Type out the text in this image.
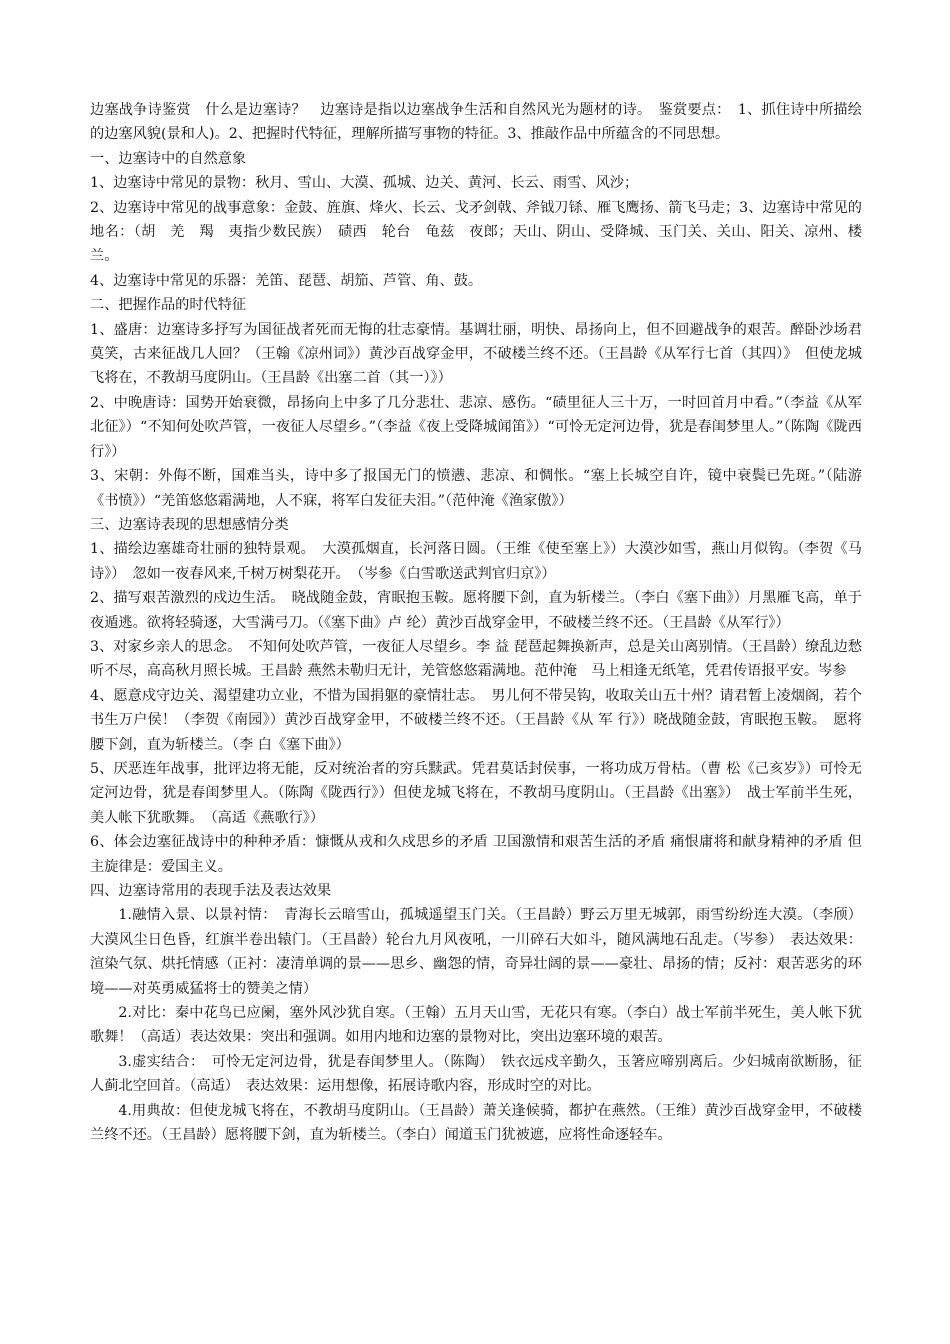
边塞战争诗鉴赏　什么是边塞诗？　边塞诗是指以边塞战争生活和自然风光为题材的诗。　鉴赏要点：　1、抓住诗中所描绘的边塞风貌(景和人)。2、把握时代特征，理解所描写事物的特征。3、推敲作品中所蕴含的不同思想。

一、边塞诗中的自然意象

1、边塞诗中常见的景物：秋月、雪山、大漠、孤城、边关、黄河、长云、雨雪、风沙；

2、边塞诗中常见的战事意象：金鼓、旌旗、烽火、长云、戈矛剑戟、斧钺刀铩、雁飞鹰扬、箭飞马走；3、边塞诗中常见的地名：（胡　羌　羯　夷指少数民族）　碛西　轮台　龟兹　夜郎；天山、阴山、受降城、玉门关、关山、阳关、凉州、楼兰。

4、边塞诗中常见的乐器：羌笛、琵琶、胡笳、芦管、角、鼓。

二、把握作品的时代特征

1、盛唐：边塞诗多抒写为国征战者死而无悔的壮志豪情。基调壮丽，明快、昂扬向上，但不回避战争的艰苦。醉卧沙场君莫笑，古来征战几人回？（王翰《凉州词》）黄沙百战穿金甲，不破楼兰终不还。（王昌龄《从军行七首（其四）》　但使龙城飞将在，不教胡马度阴山。（王昌龄《出塞二首（其一）》）

2、中晚唐诗：国势开始衰微，昂扬向上中多了几分悲壮、悲凉、感伤。“碛里征人三十万，一时回首月中看。”（李益《从军北征》）“不知何处吹芦管，一夜征人尽望乡。”（李益《夜上受降城闻笛》）“可怜无定河边骨，犹是春闺梦里人。”（陈陶《陇西行》）

3、宋朝：外侮不断，国难当头，诗中多了报国无门的愤懑、悲凉、和惆怅。“塞上长城空自许，镜中衰鬓已先斑。”（陆游《书愤》）“羌笛悠悠霜满地，人不寐，将军白发征夫泪。”（范仲淹《渔家傲》）

三、边塞诗表现的思想感情分类

1、描绘边塞雄奇壮丽的独特景观。　大漠孤烟直，长河落日圆。（王维《使至塞上》）大漠沙如雪，燕山月似钩。（李贺《马诗》）　忽如一夜春风来,千树万树梨花开。　（岑参《白雪歌送武判官归京》）

2、描写艰苦激烈的戍边生活。　晓战随金鼓，宵眠抱玉鞍。愿将腰下剑，直为斩楼兰。（李白《塞下曲》）月黑雁飞高，单于夜遁逃。欲将轻骑逐，大雪满弓刀。（《塞下曲》卢 纶）黄沙百战穿金甲，不破楼兰终不还。（王昌龄《从军行》）

3、对家乡亲人的思念。　不知何处吹芦管，一夜征人尽望乡。李 益 琵琶起舞换新声，总是关山离别情。（王昌龄）缭乱边愁听不尽，高高秋月照长城。王昌龄 燕然未勒归无计，羌管悠悠霜满地。范仲淹　马上相逢无纸笔，凭君传语报平安。岑参

4、愿意戍守边关、渴望建功立业，不惜为国捐躯的豪情壮志。　男儿何不带吴钩，收取关山五十州？请君暂上凌烟阁，若个书生万户侯！（李贺《南园》）黄沙百战穿金甲，不破楼兰终不还。（王昌龄《从 军 行》）晓战随金鼓，宵眠抱玉鞍。　愿将腰下剑，直为斩楼兰。（李 白《塞下曲》）

5、厌恶连年战事，批评边将无能，反对统治者的穷兵黩武。凭君莫话封侯事，一将功成万骨枯。（曹 松《己亥岁》）可怜无定河边骨，犹是春闺梦里人。（陈陶《陇西行》）但使龙城飞将在，不教胡马度阴山。（王昌龄《出塞》）　战士军前半生死，美人帐下犹歌舞。　（高适《燕歌行》）

6、体会边塞征战诗中的种种矛盾：慷慨从戎和久戍思乡的矛盾 卫国激情和艰苦生活的矛盾 痛恨庸将和献身精神的矛盾 但主旋律是：爱国主义。

四、边塞诗常用的表现手法及表达效果

1.融情入景、以景衬情：　青海长云暗雪山，孤城遥望玉门关。（王昌龄）野云万里无城郭，雨雪纷纷连大漠。（李颀）大漠风尘日色昏，红旗半卷出辕门。（王昌龄）轮台九月风夜吼，一川碎石大如斗，随风满地石乱走。（岑参）　表达效果：渲染气氛、烘托情感（正衬：凄清单调的景——思乡、幽怨的情，奇异壮阔的景——豪壮、昂扬的情；反衬：艰苦恶劣的环境——对英勇威猛将士的赞美之情）

2.对比：秦中花鸟已应阑，塞外风沙犹自寒。（王翰）五月天山雪，无花只有寒。（李白）战士军前半死生，美人帐下犹歌舞！（高适）表达效果：突出和强调。如用内地和边塞的景物对比，突出边塞环境的艰苦。

3.虚实结合：　可怜无定河边骨，犹是春闺梦里人。（陈陶）　铁衣远戍辛勤久，玉箸应啼别离后。少妇城南欲断肠，征人蓟北空回首。（高适）　表达效果：运用想像，拓展诗歌内容，形成时空的对比。

4.用典故：但使龙城飞将在，不教胡马度阴山。（王昌龄）萧关逢候骑，都护在燕然。（王维）黄沙百战穿金甲，不破楼兰终不还。（王昌龄）愿将腰下剑，直为斩楼兰。（李白）闻道玉门犹被遮，应将性命逐轻车。
